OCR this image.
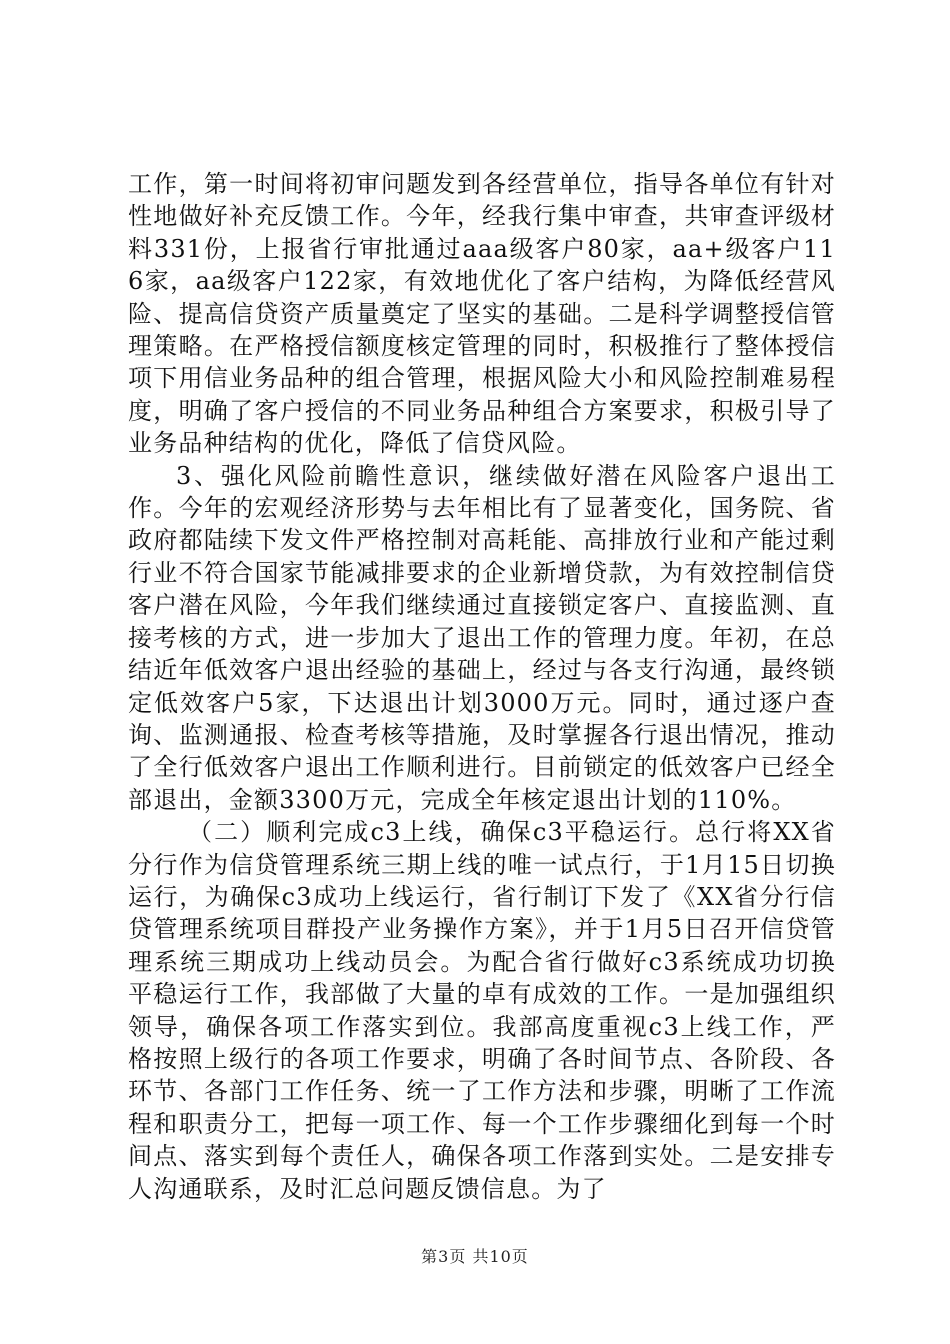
工作，第一时间将初审问题发到各经营单位，指导各单位有针对性地做好补充反馈工作。今年，经我行集中审查，共审查评级材料331份，上报省行审批通过aaa级客户80家，aa+级客户116家，aa级客户122家，有效地优化了客户结构，为降低经营风险、提高信贷资产质量奠定了坚实的基础。二是科学调整授信管理策略。在严格授信额度核定管理的同时，积极推行了整体授信项下用信业务品种的组合管理，根据风险大小和风险控制难易程度，明确了客户授信的不同业务品种组合方案要求，积极引导了业务品种结构的优化，降低了信贷风险。

3、强化风险前瞻性意识，继续做好潜在风险客户退出工作。今年的宏观经济形势与去年相比有了显著变化，国务院、省政府都陆续下发文件严格控制对高耗能、高排放行业和产能过剩行业不符合国家节能减排要求的企业新增贷款，为有效控制信贷客户潜在风险，今年我们继续通过直接锁定客户、直接监测、直接考核的方式，进一步加大了退出工作的管理力度。年初，在总结近年低效客户退出经验的基础上，经过与各支行沟通，最终锁定低效客户5家，下达退出计划3000万元。同时，通过逐户查询、监测通报、检查考核等措施，及时掌握各行退出情况，推动了全行低效客户退出工作顺利进行。目前锁定的低效客户已经全部退出，金额3300万元，完成全年核定退出计划的110%。

（二）顺利完成c3上线，确保c3平稳运行。总行将XX省分行作为信贷管理系统三期上线的唯一试点行，于1月15日切换运行，为确保c3成功上线运行，省行制订下发了《XX省分行信贷管理系统项目群投产业务操作方案》，并于1月5日召开信贷管理系统三期成功上线动员会。为配合省行做好c3系统成功切换平稳运行工作，我部做了大量的卓有成效的工作。一是加强组织领导，确保各项工作落实到位。我部高度重视c3上线工作，严格按照上级行的各项工作要求，明确了各时间节点、各阶段、各环节、各部门工作任务、统一了工作方法和步骤，明晰了工作流程和职责分工，把每一项工作、每一个工作步骤细化到每一个时间点、落实到每个责任人，确保各项工作落到实处。二是安排专人沟通联系，及时汇总问题反馈信息。为了

第3页 共10页
